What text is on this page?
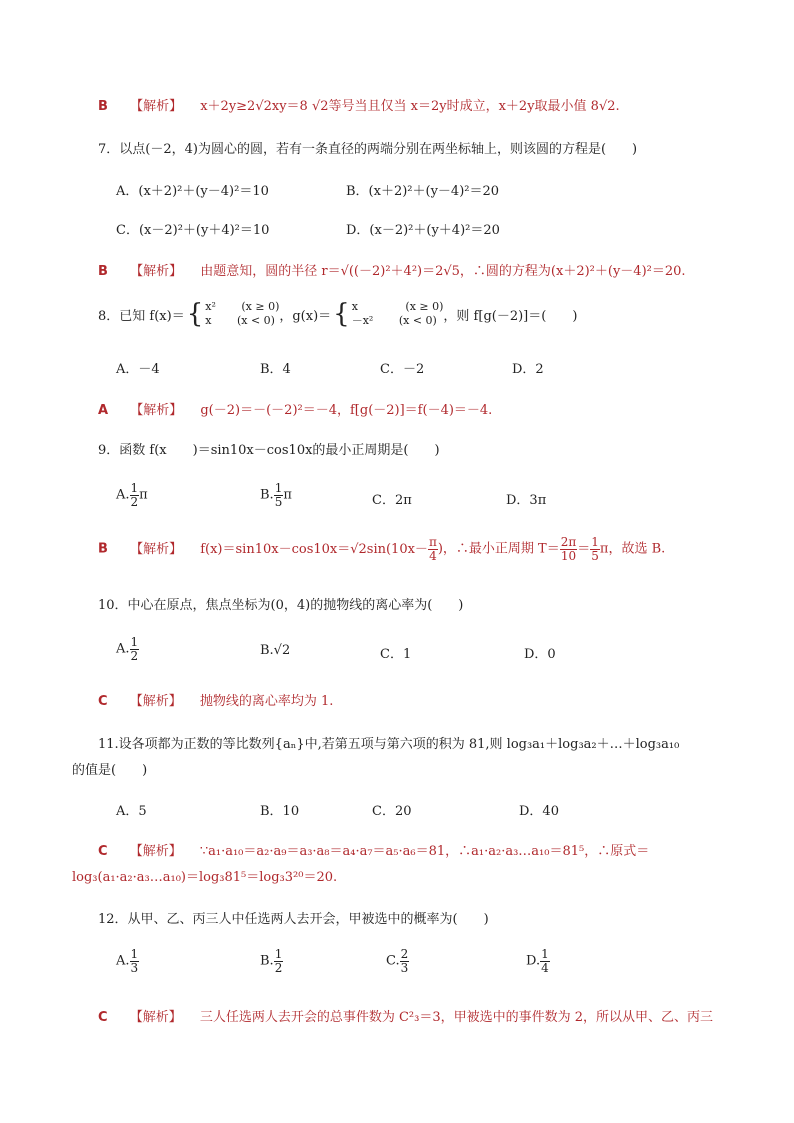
B 【解析】 x＋2y≥2√2xy＝8 √2等号当且仅当 x＝2y时成立，x＋2y取最小值 8√2.
7．以点(－2，4)为圆心的圆，若有一条直径的两端分别在两坐标轴上，则该圆的方程是(　　)
A．(x＋2)²＋(y－4)²＝10	B．(x＋2)²＋(y－4)²＝20
C．(x－2)²＋(y＋4)²＝10	D．(x－2)²＋(y＋4)²＝20
B 【解析】 由题意知，圆的半径 r＝√((－2)²＋4²)＝2√5，∴圆的方程为(x＋2)²＋(y－4)²＝20.
8．已知 f(x)＝ { x²　　 (x ≥ 0)
x　　 (x < 0) ，g(x)＝ { x　　　　 (x ≥ 0)
－x²　　 (x < 0) ，则 f[g(－2)]＝(　　)
A．－4	B．4	C．－2	D．2
A 【解析】 g(－2)＝－(－2)²＝－4，f[g(－2)]＝f(－4)＝－4.
9．函数 f(x　　)＝sin10x－cos10x的最小正周期是(　　)
A. $\frac{1}{2}$ π	B. $\frac{1}{5}$ π	C．2π	D．3π
B 【解析】 $f(x)=\sin 10x-\cos 10x=√2\sin(10x- \frac{\pi}{4}$ )，∴最小正周期 $T= \frac{2\pi}{10} = \frac{1}{5}$ π，故选 B.
10．中心在原点，焦点坐标为(0，4)的抛物线的离心率为(　　)
A. $\frac{1}{2}$	B.√2	C．1	D．0
C 【解析】 抛物线的离心率均为 1.
11.设各项都为正数的等比数列{aₙ}中,若第五项与第六项的积为 81,则 log₃a₁＋log₃a₂＋…＋log₃a₁₀
的值是(　　)
A．5	B．10	C．20	D．40
C 【解析】 ∵a₁·a₁₀＝a₂·a₉＝a₃·a₈＝a₄·a₇＝a₅·a₆＝81，∴a₁·a₂·a₃…a₁₀＝81⁵，∴原式＝
log₃(a₁·a₂·a₃…a₁₀)＝log₃81⁵＝log₃3²⁰＝20.
12．从甲、乙、丙三人中任选两人去开会，甲被选中的概率为(　　)
A. $\frac{1}{3}$	B. $\frac{1}{2}$	C. $\frac{2}{3}$	D. $\frac{1}{4}$
C 【解析】 三人任选两人去开会的总事件数为 C²₃＝3，甲被选中的事件数为 2，所以从甲、乙、丙三
